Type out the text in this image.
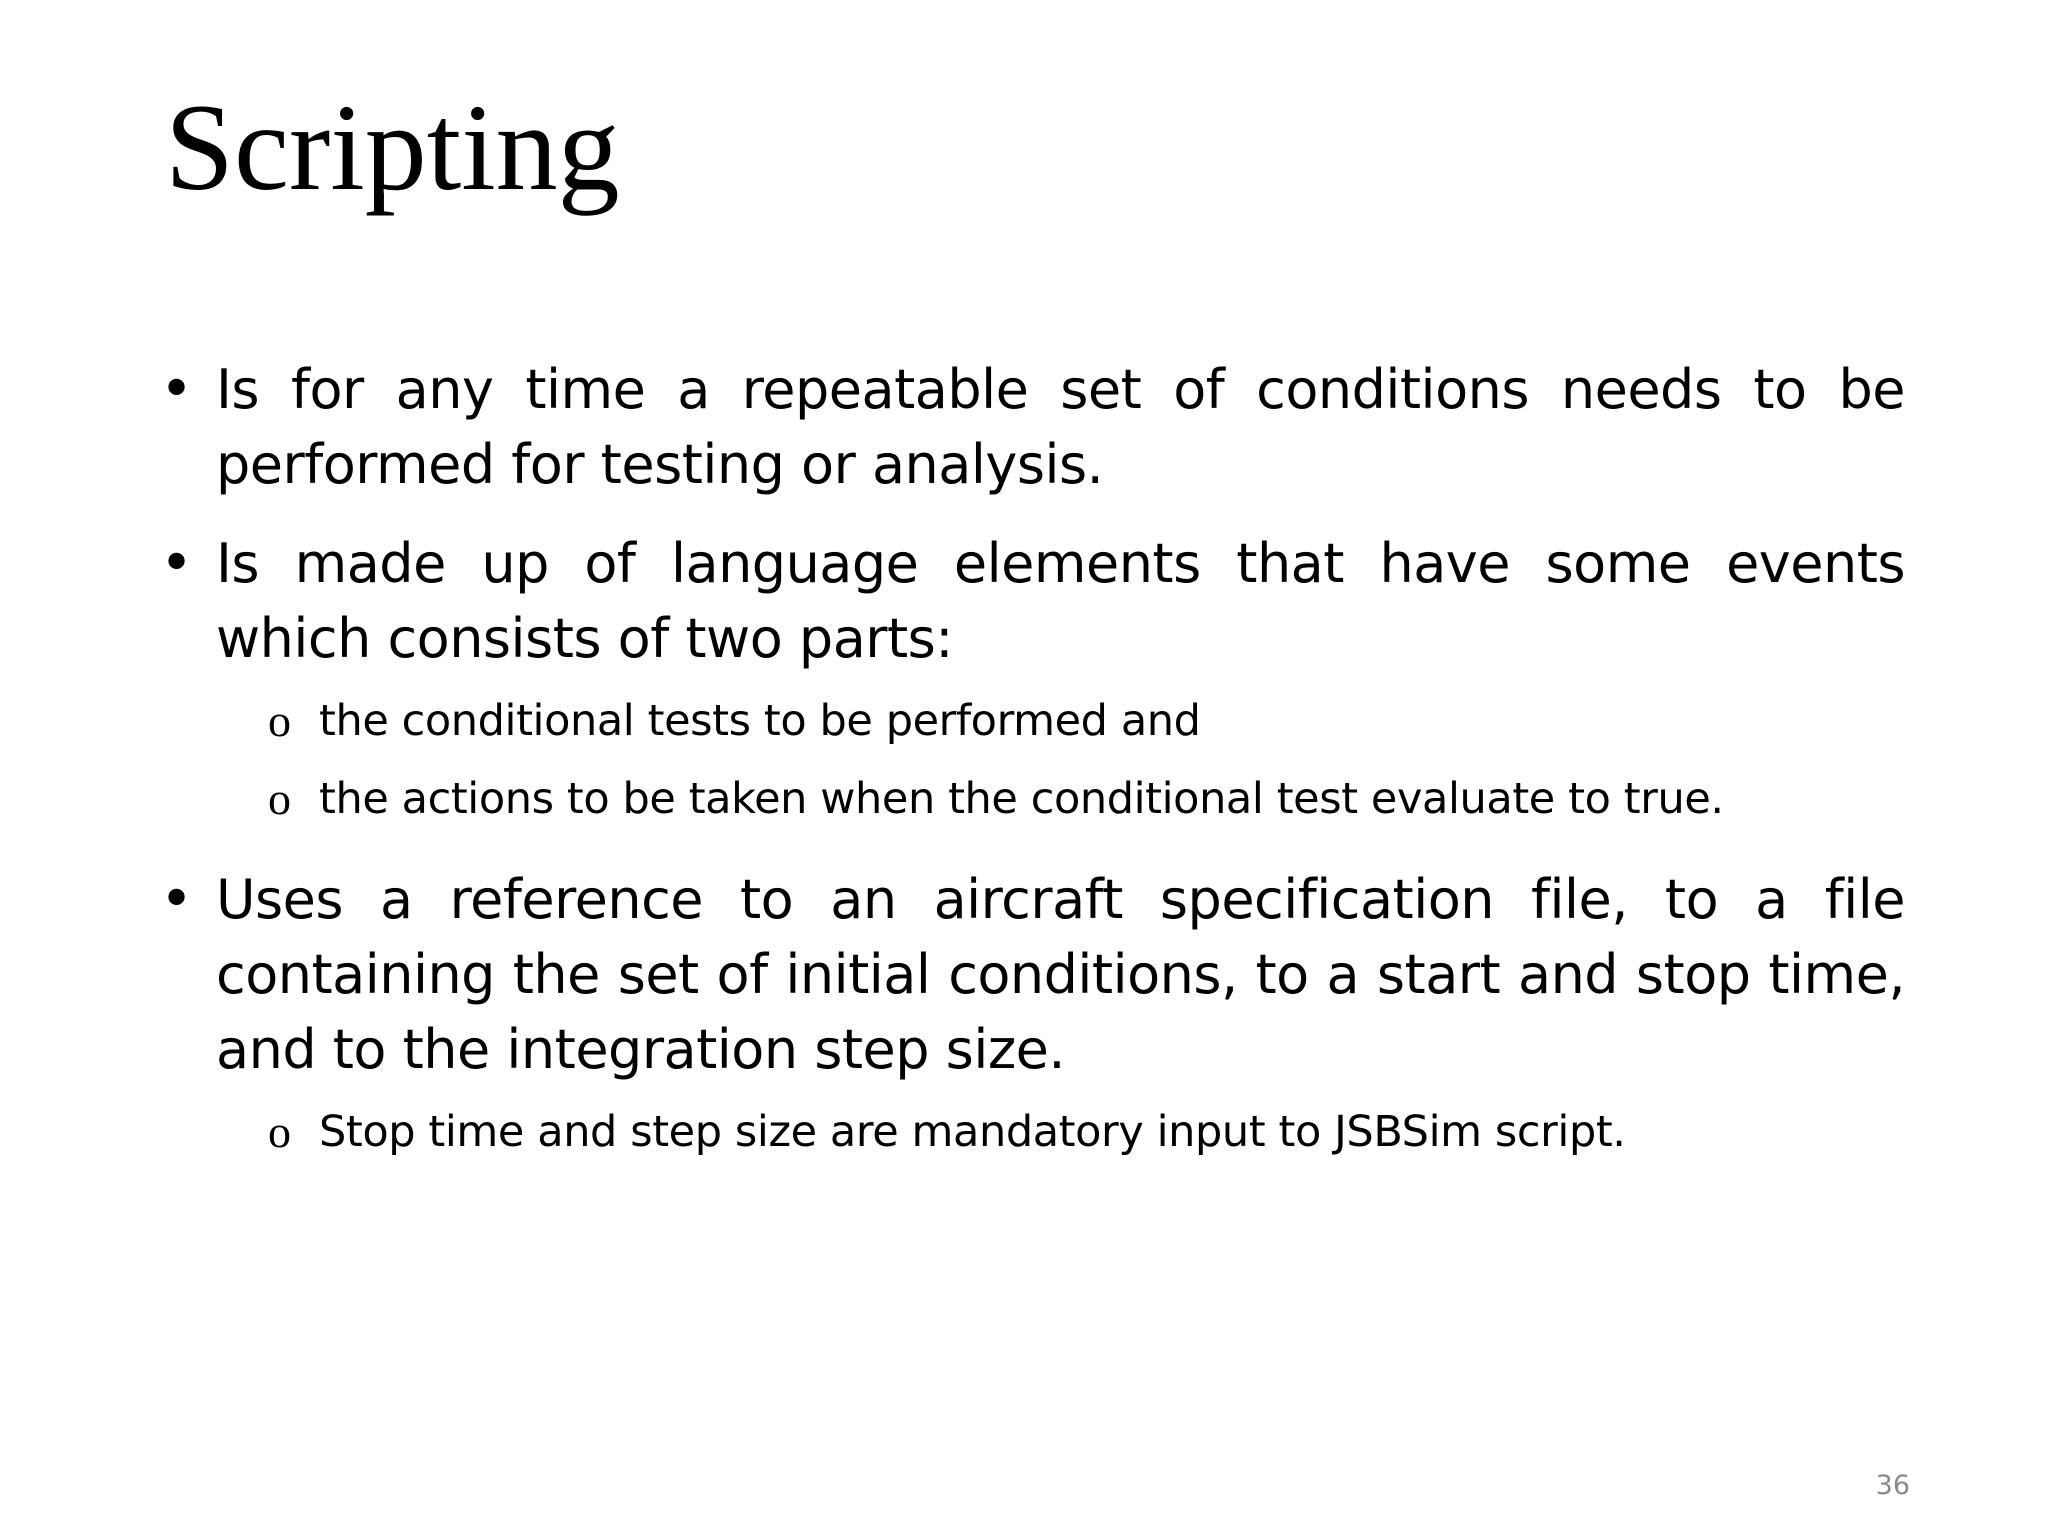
Scripting
• Is for any time a repeatable set of conditions needs to be performed for testing or analysis.
• Is made up of language elements that have some events which consists of two parts:
o the conditional tests to be performed and
o the actions to be taken when the conditional test evaluate to true.
• Uses a reference to an aircraft specification file, to a file containing the set of initial conditions, to a start and stop time, and to the integration step size.
o Stop time and step size are mandatory input to JSBSim script.
36
